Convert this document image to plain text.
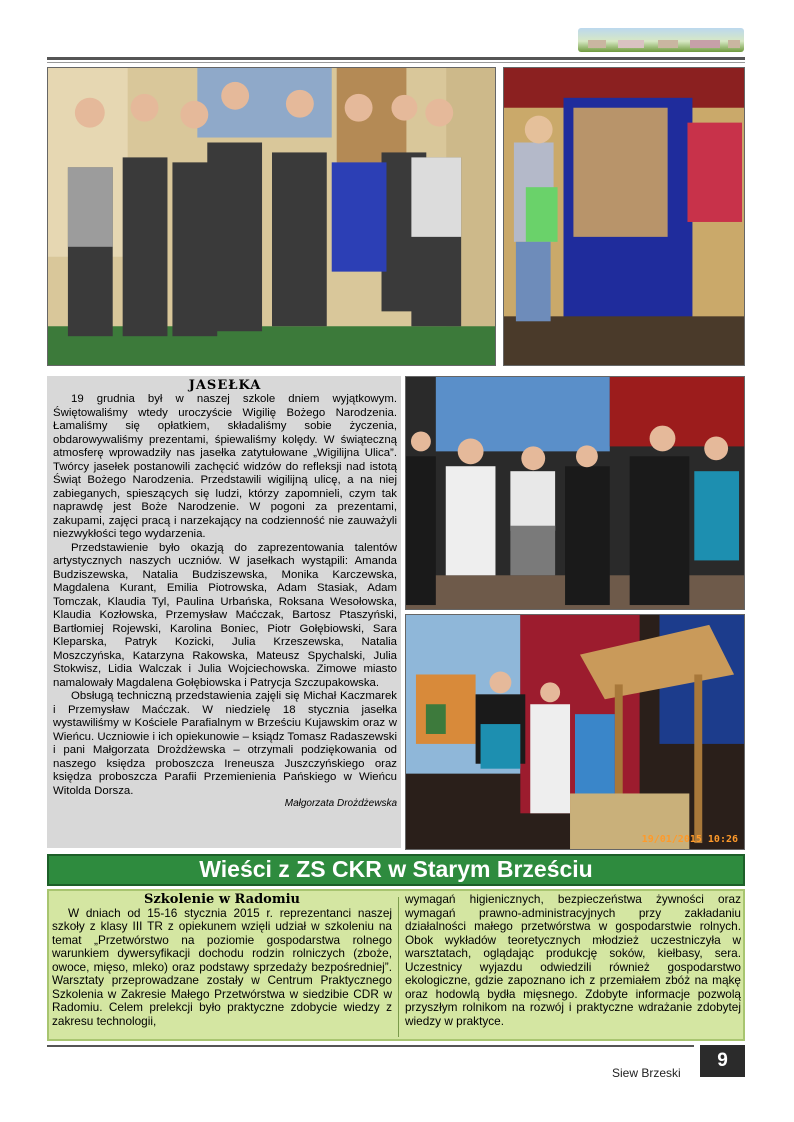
JASEŁKA

19 grudnia był w naszej szkole dniem wyjątkowym. Świętowaliśmy wtedy uroczyście Wigilię Bożego Narodzenia. Łamaliśmy się opłatkiem, składaliśmy sobie życzenia, obdarowywaliśmy prezentami, śpiewaliśmy kolędy. W świąteczną atmosferę wprowadziły nas jasełka zatytułowane „Wigilijna Ulica”. Twórcy jasełek postanowili zachęcić widzów do refleksji nad istotą Świąt Bożego Narodzenia. Przedstawili wigilijną ulicę, a na niej zabieganych, spieszących się ludzi, którzy zapomnieli, czym tak naprawdę jest Boże Narodzenie. W pogoni za prezentami, zakupami, zajęci pracą i narzekający na codzienność nie zauważyli niezwykłości tego wydarzenia.

Przedstawienie było okazją do zaprezentowania talentów artystycznych naszych uczniów. W jasełkach wystąpili: Amanda Budziszewska, Natalia Budziszewska, Monika Karczewska, Magdalena Kurant, Emilia Piotrowska, Adam Stasiak, Adam Tomczak, Klaudia Tyl, Paulina Urbańska, Roksana Wesołowska, Klaudia Kozłowska, Przemysław Maćczak, Bartosz Ptaszyński, Bartłomiej Rojewski, Karolina Boniec, Piotr Gołębiowski, Sara Kleparska, Patryk Kozicki, Julia Krzeszewska, Natalia Moszczyńska, Katarzyna Rakowska, Mateusz Spychalski, Julia Stokwisz, Lidia Walczak i Julia Wojciechowska. Zimowe miasto namalowały Magdalena Gołębiowska i Patrycja Szczupakowska.

Obsługą techniczną przedstawienia zajęli się Michał Kaczmarek i Przemysław Maćczak. W niedzielę 18 stycznia jasełka wystawiliśmy w Kościele Parafialnym w Brześciu Kujawskim oraz w Wieńcu. Uczniowie i ich opiekunowie – ksiądz Tomasz Radaszewski i pani Małgorzata Drożdżewska – otrzymali podziękowania od naszego księdza proboszcza Ireneusza Juszczyńskiego oraz księdza proboszcza Parafii Przemienienia Pańskiego w Wieńcu Witolda Dorsza.

Małgorzata Drożdżewska
19/01/2015 10:26
Wieści z ZS CKR w Starym Brześciu
Szkolenie w Radomiu

W dniach od 15-16 stycznia 2015 r. reprezentanci naszej szkoły z klasy III TR z opiekunem wzięli udział w szkoleniu na temat „Przetwórstwo na poziomie gospodarstwa rolnego warunkiem dywersyfikacji dochodu rodzin rolniczych (zboże, owoce, mięso, mleko) oraz podstawy sprzedaży bezpośredniej”. Warsztaty przeprowadzane zostały w Centrum Praktycznego Szkolenia w Zakresie Małego Przetwórstwa w siedzibie CDR w Radomiu. Celem prelekcji było praktyczne zdobycie wiedzy z zakresu technologii,

wymagań higienicznych, bezpieczeństwa żywności oraz wymagań prawno-administracyjnych przy zakładaniu działalności małego przetwórstwa w gospodarstwie rolnych. Obok wykładów teoretycznych młodzież uczestniczyła w warsztatach, oglądając produkcję soków, kiełbasy, sera. Uczestnicy wyjazdu odwiedzili również gospodarstwo ekologiczne, gdzie zapoznano ich z przemiałem zbóż na mąkę oraz hodowlą bydła mięsnego. Zdobyte informacje pozwolą przyszłym rolnikom na rozwój i praktyczne wdrażanie zdobytej wiedzy w praktyce.

Siew Brzeski
9
